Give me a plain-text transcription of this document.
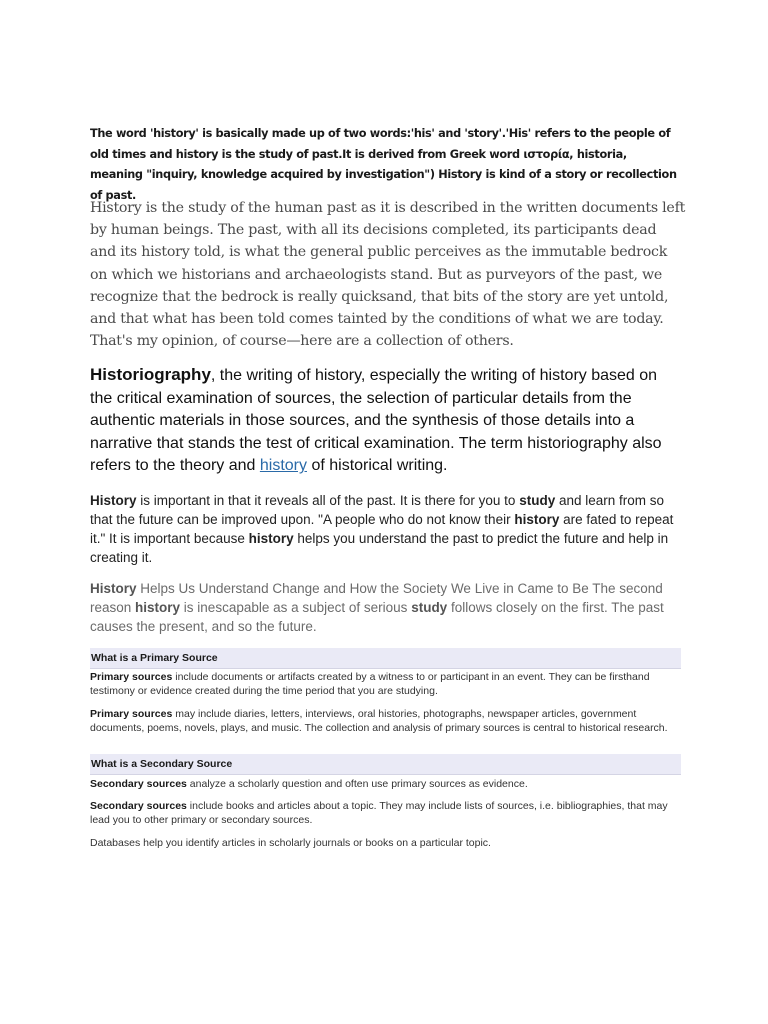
The word 'history' is basically made up of two words:'his' and 'story'.'His' refers to the people of old times and history is the study of past.It is derived from Greek word ιστορία, historia, meaning "inquiry, knowledge acquired by investigation") History is kind of a story or recollection of past.

History is the study of the human past as it is described in the written documents left by human beings. The past, with all its decisions completed, its participants dead and its history told, is what the general public perceives as the immutable bedrock on which we historians and archaeologists stand. But as purveyors of the past, we recognize that the bedrock is really quicksand, that bits of the story are yet untold, and that what has been told comes tainted by the conditions of what we are today. That's my opinion, of course—here are a collection of others.

Historiography, the writing of history, especially the writing of history based on the critical examination of sources, the selection of particular details from the authentic materials in those sources, and the synthesis of those details into a narrative that stands the test of critical examination. The term historiography also refers to the theory and history of historical writing.

History is important in that it reveals all of the past. It is there for you to study and learn from so that the future can be improved upon. "A people who do not know their history are fated to repeat it." It is important because history helps you understand the past to predict the future and help in creating it.

History Helps Us Understand Change and How the Society We Live in Came to Be The second reason history is inescapable as a subject of serious study follows closely on the first. The past causes the present, and so the future.

What is a Primary Source

Primary sources include documents or artifacts created by a witness to or participant in an event. They can be firsthand testimony or evidence created during the time period that you are studying.

Primary sources may include diaries, letters, interviews, oral histories, photographs, newspaper articles, government documents, poems, novels, plays, and music. The collection and analysis of primary sources is central to historical research.

What is a Secondary Source

Secondary sources analyze a scholarly question and often use primary sources as evidence.

Secondary sources include books and articles about a topic. They may include lists of sources, i.e. bibliographies, that may lead you to other primary or secondary sources.

Databases help you identify articles in scholarly journals or books on a particular topic.
